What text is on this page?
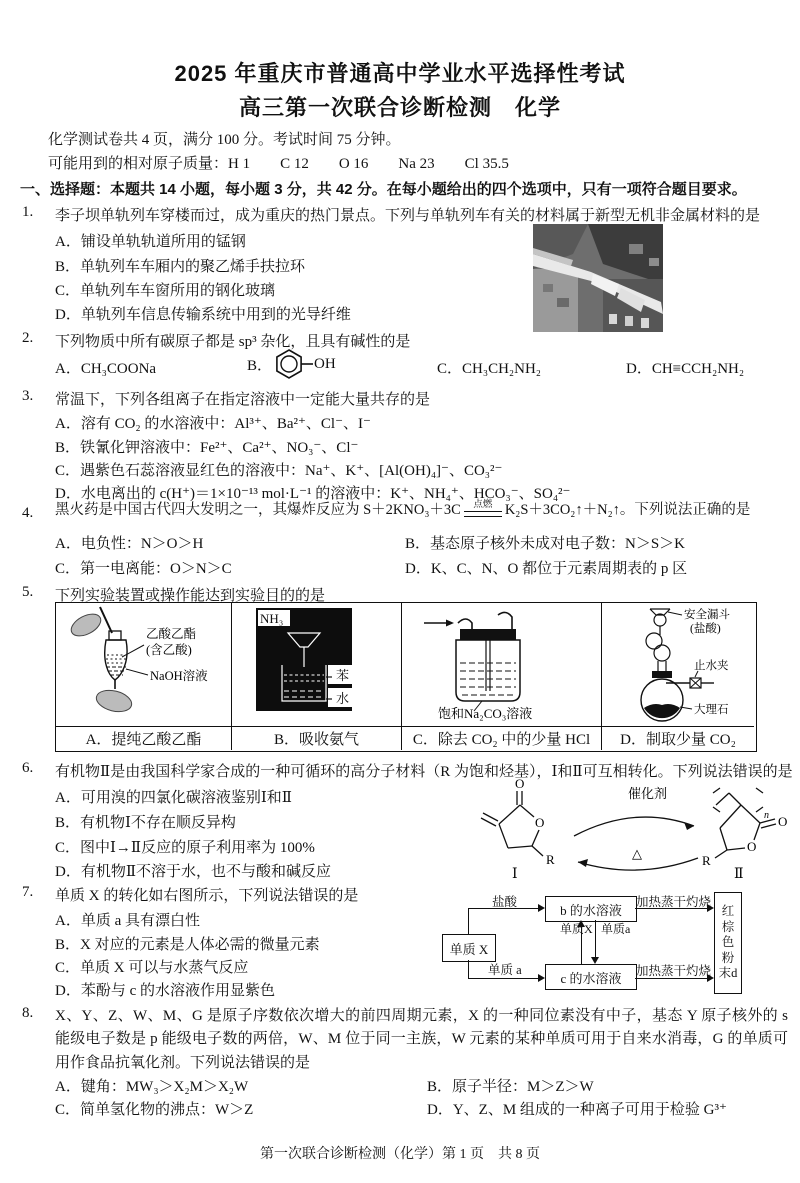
2025 年重庆市普通高中学业水平选择性考试
高三第一次联合诊断检测　化学
化学测试卷共 4 页，满分 100 分。考试时间 75 分钟。
可能用到的相对原子质量：H 1　　C 12　　O 16　　Na 23　　Cl 35.5
一、选择题：本题共 14 小题，每小题 3 分，共 42 分。在每小题给出的四个选项中，只有一项符合题目要求。
1. 李子坝单轨列车穿楼而过，成为重庆的热门景点。下列与单轨列车有关的材料属于新型无机非金属材料的是
A．铺设单轨轨道所用的锰钢
B．单轨列车车厢内的聚乙烯手扶拉环
C．单轨列车车窗所用的钢化玻璃
D．单轨列车信息传输系统中用到的光导纤维
2. 下列物质中所有碳原子都是 sp³ 杂化，且具有碱性的是
A．CH₃COONa	B．	OH	C．CH₃CH₂NH₂	D．CH≡CCH₂NH₂
3. 常温下，下列各组离子在指定溶液中一定能大量共存的是
A．溶有 CO₂ 的水溶液中：Al³⁺、Ba²⁺、Cl⁻、I⁻
B．铁氰化钾溶液中：Fe²⁺、Ca²⁺、NO₃⁻、Cl⁻
C．遇紫色石蕊溶液显红色的溶液中：Na⁺、K⁺、[Al(OH)₄]⁻、CO₃²⁻
D．水电离出的 c(H⁺)＝1×10⁻¹³ mol·L⁻¹ 的溶液中：K⁺、NH₄⁺、HCO₃⁻、SO₄²⁻
4. 黑火药是中国古代四大发明之一，其爆炸反应为 S＋2KNO₃＋3C 点燃 K₂S＋3CO₂↑＋N₂↑。下列说法正确的是
A．电负性：N＞O＞H	B．基态原子核外未成对电子数：N＞S＞K
C．第一电离能：O＞N＞C	D．K、C、N、O 都位于元素周期表的 p 区
5. 下列实验装置或操作能达到实验目的的是
乙酸乙酯
(含乙酸)
NaOH溶液
NH₃
苯
水
饱和Na₂CO₃溶液
安全漏斗
(盐酸)
止水夹
大理石
A．提纯乙酸乙酯	B．吸收氨气	C．除去 CO₂ 中的少量 HCl	D．制取少量 CO₂
6. 有机物Ⅱ是由我国科学家合成的一种可循环的高分子材料（R 为饱和烃基），Ⅰ和Ⅱ可互相转化。下列说法错误的是
A．可用溴的四氯化碳溶液鉴别Ⅰ和Ⅱ
B．有机物Ⅰ不存在顺反异构
C．图中Ⅰ→Ⅱ反应的原子利用率为 100%
D．有机物Ⅱ不溶于水，也不与酸和碱反应
O
O
R
Ⅰ
催化剂
△
n
O
O
R
Ⅱ
7. 单质 X 的转化如右图所示，下列说法错误的是
A．单质 a 具有漂白性
B．X 对应的元素是人体必需的微量元素
C．单质 X 可以与水蒸气反应
D．苯酚与 c 的水溶液作用显紫色
单质 X
b 的水溶液
c 的水溶液
红棕色粉末d
盐酸
单质 a
单质X 单质a
加热蒸干灼烧
加热蒸干灼烧
8. X、Y、Z、W、M、G 是原子序数依次增大的前四周期元素，X 的一种同位素没有中子，基态 Y 原子核外的 s 能级电子数是 p 能级电子数的两倍，W、M 位于同一主族，W 元素的某种单质可用于自来水消毒，G 的单质可用作食品抗氧化剂。下列说法错误的是
A．键角：MW₃＞X₂M＞X₂W	B．原子半径：M＞Z＞W
C．简单氢化物的沸点：W＞Z	D．Y、Z、M 组成的一种离子可用于检验 G³⁺
第一次联合诊断检测（化学）第 1 页　共 8 页
